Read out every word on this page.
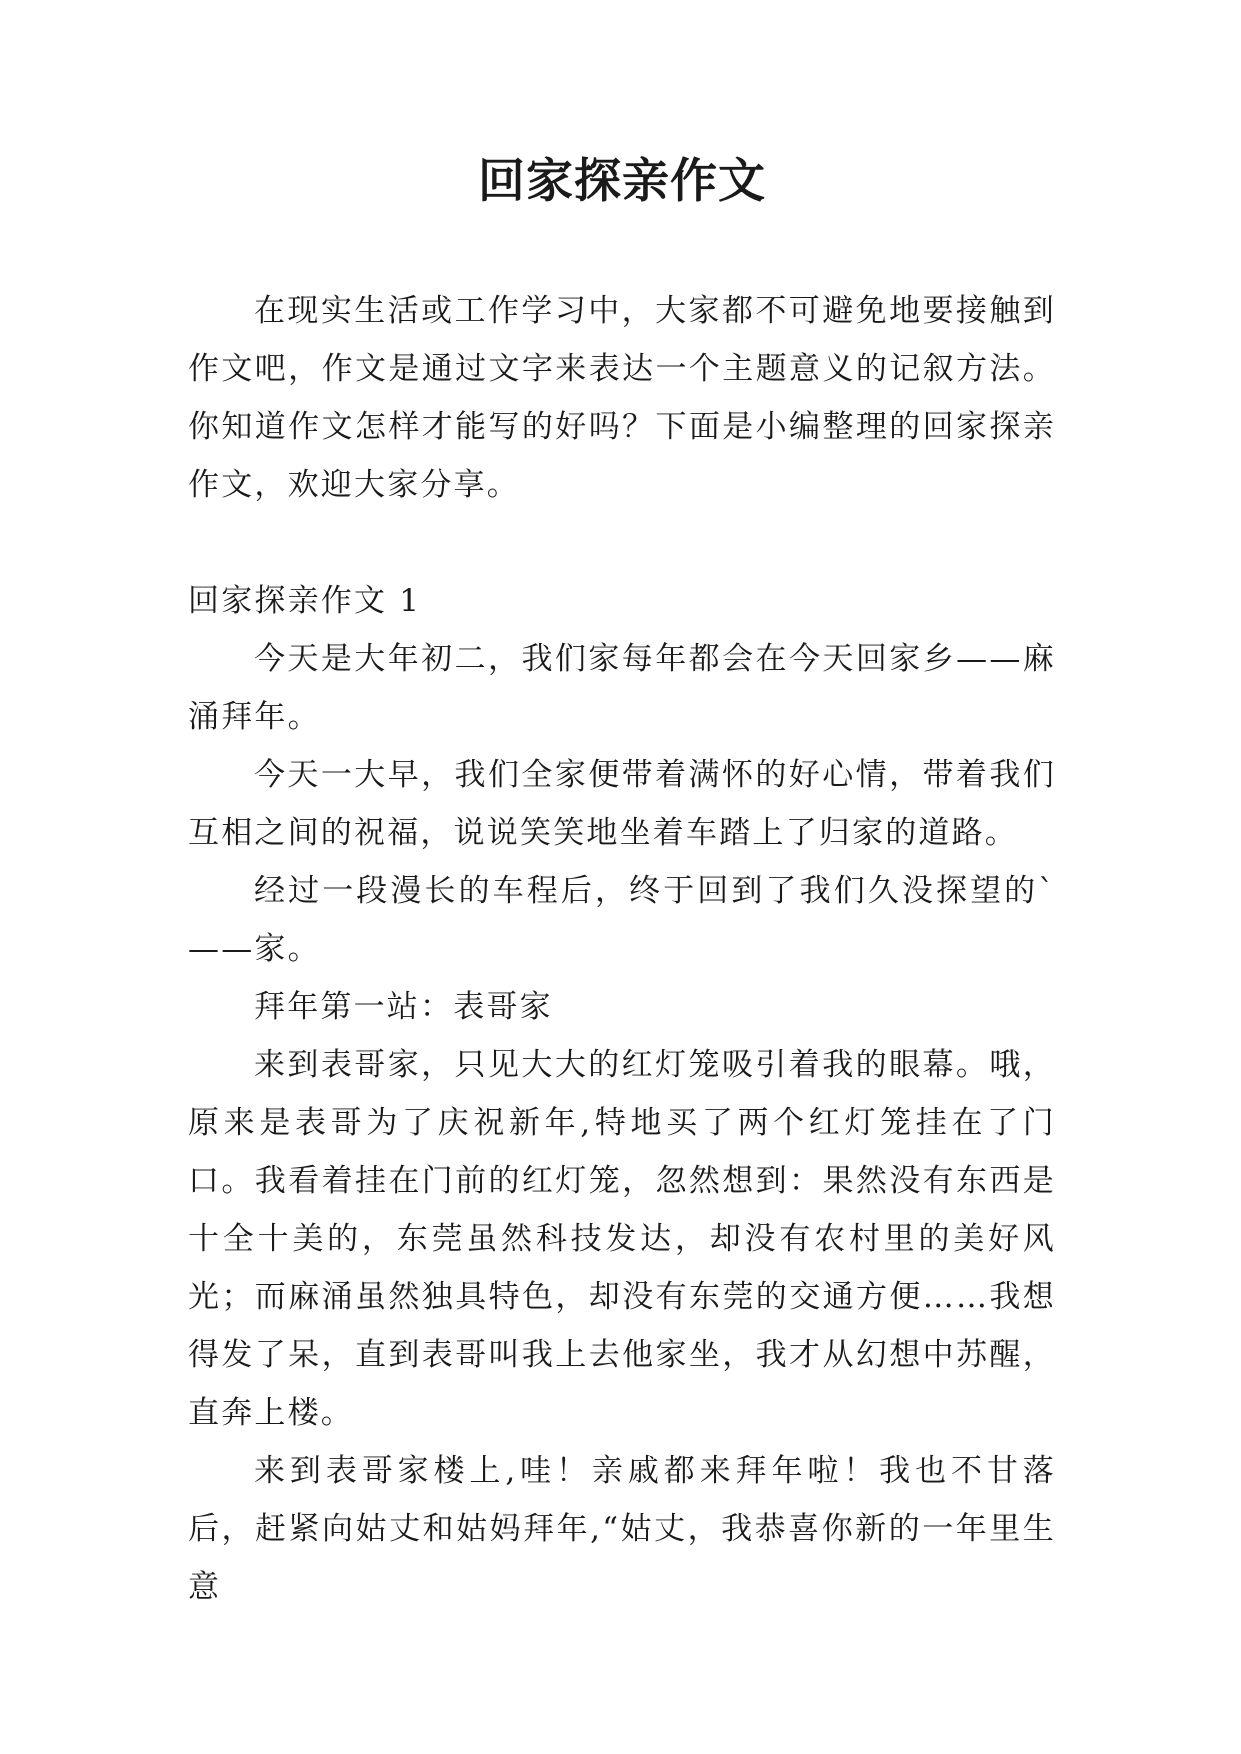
回家探亲作文

在现实生活或工作学习中，大家都不可避免地要接触到作文吧，作文是通过文字来表达一个主题意义的记叙方法。你知道作文怎样才能写的好吗？下面是小编整理的回家探亲作文，欢迎大家分享。

回家探亲作文 1

今天是大年初二，我们家每年都会在今天回家乡——麻涌拜年。

今天一大早，我们全家便带着满怀的好心情，带着我们互相之间的祝福，说说笑笑地坐着车踏上了归家的道路。

经过一段漫长的车程后，终于回到了我们久没探望的`——家。

拜年第一站：表哥家

来到表哥家，只见大大的红灯笼吸引着我的眼幕。哦，原来是表哥为了庆祝新年,特地买了两个红灯笼挂在了门口。我看着挂在门前的红灯笼，忽然想到：果然没有东西是十全十美的，东莞虽然科技发达，却没有农村里的美好风光；而麻涌虽然独具特色，却没有东莞的交通方便……我想得发了呆，直到表哥叫我上去他家坐，我才从幻想中苏醒，直奔上楼。

来到表哥家楼上,哇！亲戚都来拜年啦！我也不甘落后，赶紧向姑丈和姑妈拜年,“姑丈，我恭喜你新的一年里生意
